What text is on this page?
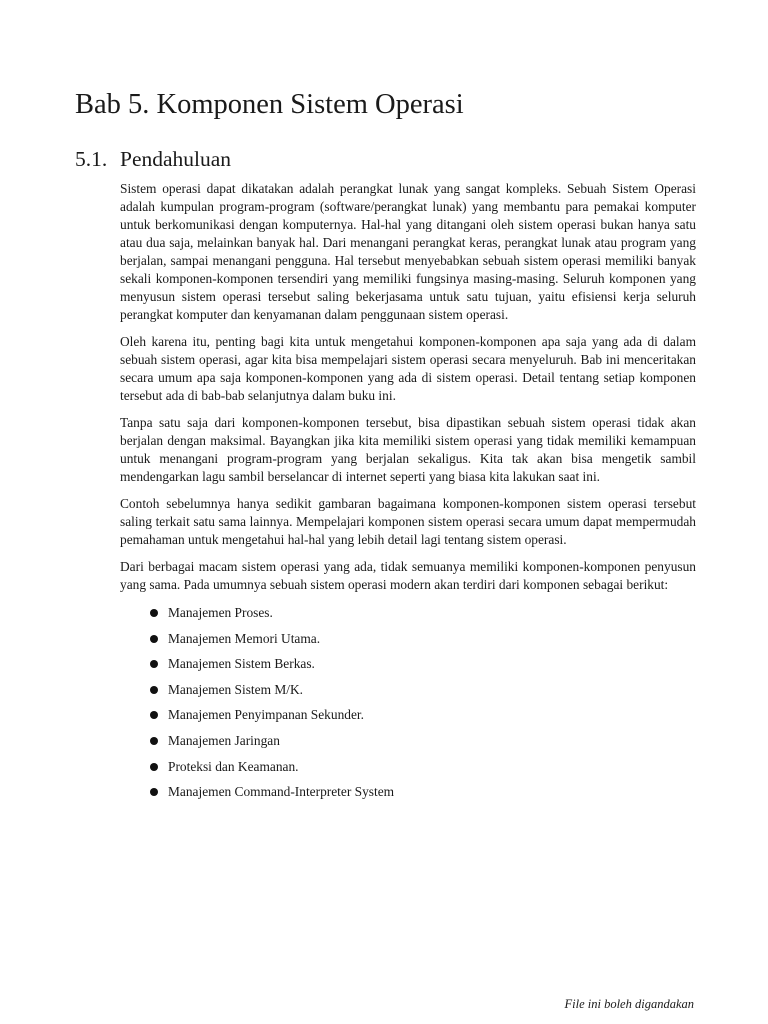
Bab 5. Komponen Sistem Operasi
5.1. Pendahuluan

Sistem operasi dapat dikatakan adalah perangkat lunak yang sangat kompleks. Sebuah Sistem Operasi adalah kumpulan program-program (software/perangkat lunak) yang membantu para pemakai komputer untuk berkomunikasi dengan komputernya. Hal-hal yang ditangani oleh sistem operasi bukan hanya satu atau dua saja, melainkan banyak hal. Dari menangani perangkat keras, perangkat lunak atau program yang berjalan, sampai menangani pengguna. Hal tersebut menyebabkan sebuah sistem operasi memiliki banyak sekali komponen-komponen tersendiri yang memiliki fungsinya masing-masing. Seluruh komponen yang menyusun sistem operasi tersebut saling bekerjasama untuk satu tujuan, yaitu efisiensi kerja seluruh perangkat komputer dan kenyamanan dalam penggunaan sistem operasi.

Oleh karena itu, penting bagi kita untuk mengetahui komponen-komponen apa saja yang ada di dalam sebuah sistem operasi, agar kita bisa mempelajari sistem operasi secara menyeluruh. Bab ini menceritakan secara umum apa saja komponen-komponen yang ada di sistem operasi. Detail tentang setiap komponen tersebut ada di bab-bab selanjutnya dalam buku ini.

Tanpa satu saja dari komponen-komponen tersebut, bisa dipastikan sebuah sistem operasi tidak akan berjalan dengan maksimal. Bayangkan jika kita memiliki sistem operasi yang tidak memiliki kemampuan untuk menangani program-program yang berjalan sekaligus. Kita tak akan bisa mengetik sambil mendengarkan lagu sambil berselancar di internet seperti yang biasa kita lakukan saat ini.

Contoh sebelumnya hanya sedikit gambaran bagaimana komponen-komponen sistem operasi tersebut saling terkait satu sama lainnya. Mempelajari komponen sistem operasi secara umum dapat mempermudah pemahaman untuk mengetahui hal-hal yang lebih detail lagi tentang sistem operasi.

Dari berbagai macam sistem operasi yang ada, tidak semuanya memiliki komponen-komponen penyusun yang sama. Pada umumnya sebuah sistem operasi modern akan terdiri dari komponen sebagai berikut:

Manajemen Proses.
Manajemen Memori Utama.
Manajemen Sistem Berkas.
Manajemen Sistem M/K.
Manajemen Penyimpanan Sekunder.
Manajemen Jaringan
Proteksi dan Keamanan.
Manajemen Command-Interpreter System
File ini boleh digandakan
